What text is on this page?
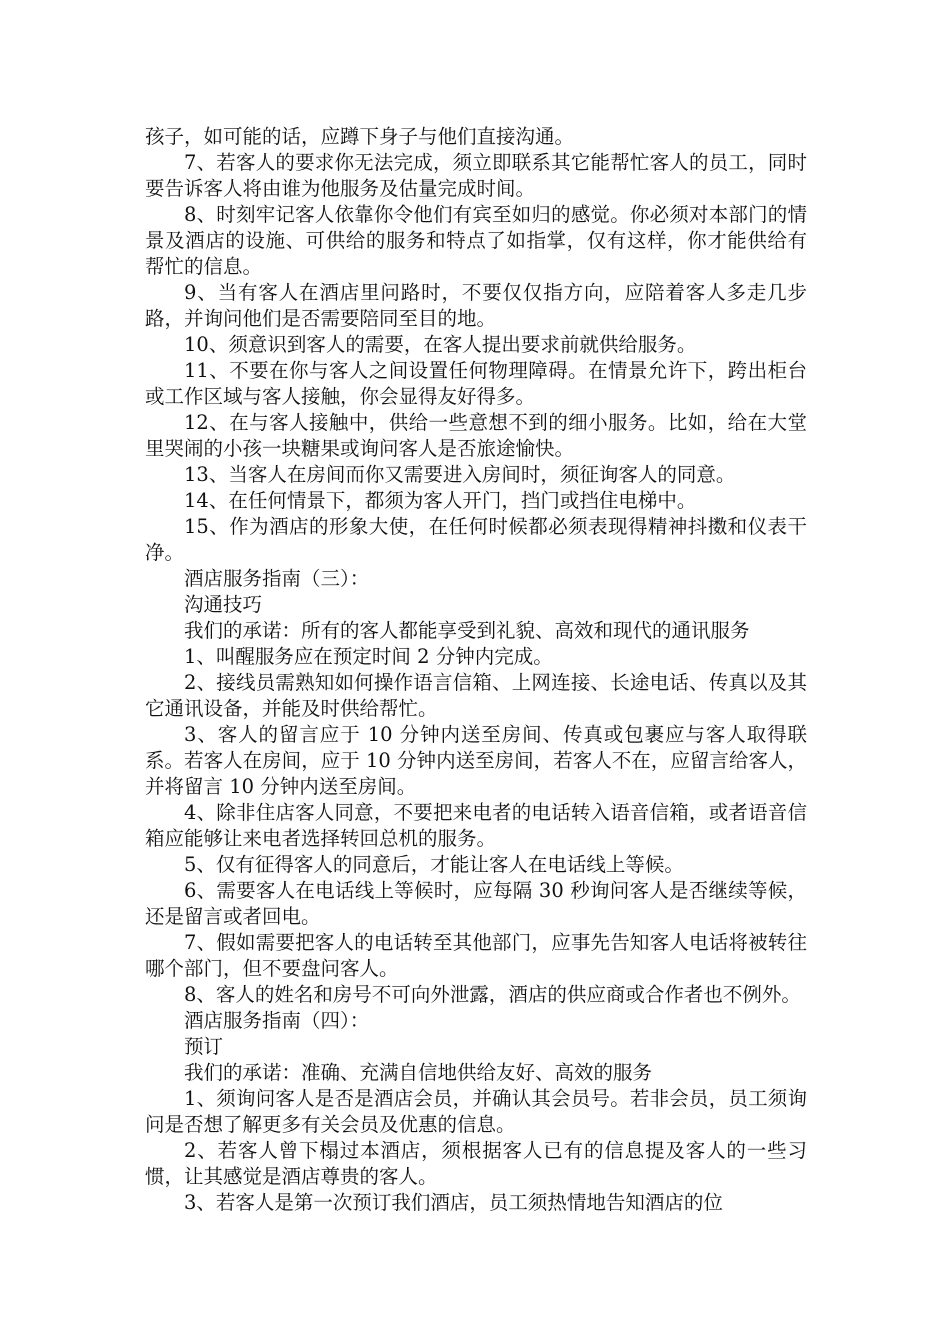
孩子，如可能的话，应蹲下身子与他们直接沟通。

7、若客人的要求你无法完成，须立即联系其它能帮忙客人的员工，同时要告诉客人将由谁为他服务及估量完成时间。

8、时刻牢记客人依靠你令他们有宾至如归的感觉。你必须对本部门的情景及酒店的设施、可供给的服务和特点了如指掌，仅有这样，你才能供给有帮忙的信息。

9、当有客人在酒店里问路时，不要仅仅指方向，应陪着客人多走几步路，并询问他们是否需要陪同至目的地。

10、须意识到客人的需要，在客人提出要求前就供给服务。

11、不要在你与客人之间设置任何物理障碍。在情景允许下，跨出柜台或工作区域与客人接触，你会显得友好得多。

12、在与客人接触中，供给一些意想不到的细小服务。比如，给在大堂里哭闹的小孩一块糖果或询问客人是否旅途愉快。

13、当客人在房间而你又需要进入房间时，须征询客人的同意。

14、在任何情景下，都须为客人开门，挡门或挡住电梯中。

15、作为酒店的形象大使，在任何时候都必须表现得精神抖擞和仪表干净。

酒店服务指南（三）：

沟通技巧

我们的承诺：所有的客人都能享受到礼貌、高效和现代的通讯服务

1、叫醒服务应在预定时间 2 分钟内完成。

2、接线员需熟知如何操作语言信箱、上网连接、长途电话、传真以及其它通讯设备，并能及时供给帮忙。

3、客人的留言应于 10 分钟内送至房间、传真或包裹应与客人取得联系。若客人在房间，应于 10 分钟内送至房间，若客人不在，应留言给客人，并将留言 10 分钟内送至房间。

4、除非住店客人同意，不要把来电者的电话转入语音信箱，或者语音信箱应能够让来电者选择转回总机的服务。

5、仅有征得客人的同意后，才能让客人在电话线上等候。

6、需要客人在电话线上等候时，应每隔 30 秒询问客人是否继续等候，还是留言或者回电。

7、假如需要把客人的电话转至其他部门，应事先告知客人电话将被转往哪个部门，但不要盘问客人。

8、客人的姓名和房号不可向外泄露，酒店的供应商或合作者也不例外。

酒店服务指南（四）：

预订

我们的承诺：准确、充满自信地供给友好、高效的服务

1、须询问客人是否是酒店会员，并确认其会员号。若非会员，员工须询问是否想了解更多有关会员及优惠的信息。

2、若客人曾下榻过本酒店，须根据客人已有的信息提及客人的一些习惯，让其感觉是酒店尊贵的客人。

3、若客人是第一次预订我们酒店，员工须热情地告知酒店的位
